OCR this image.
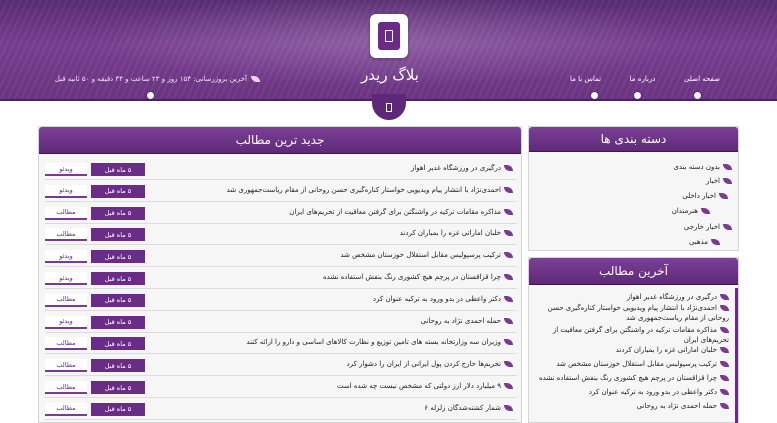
بلاگ ریدر
آخرین بروزرسانی: ۱۵۴ روز و ۲۳ ساعت و ۴۴ دقیقه و ۵۰ ثانیه قبل	صفحه اصلی
درباره ما
تماس با ما
جدید ترین مطالب
درگیری در ورزشگاه غدیر اهواز
۵ ماه قبل
ویدئو
احمدی‌نژاد با انتشار پیام ویدیویی خواستار کناره‌گیری حسن روحانی از مقام ریاست‌جمهوری شد
۵ ماه قبل
ویدئو
مذاکره مقامات ترکیه در واشنگتن برای گرفتن معافیت از تحریم‌های ایران
۵ ماه قبل
مطالب
خلبان اماراتی غزه را بمباران کردند
۵ ماه قبل
مطالب
ترکیب پرسپولیس مقابل استقلال خوزستان مشخص شد
۵ ماه قبل
ویدئو
چرا قزاقستان در پرچم هیچ کشوری رنگ بنفش استفاده نشده
۵ ماه قبل
ویدئو
دکتر واعظی در بدو ورود به ترکیه عنوان کرد
۵ ماه قبل
مطالب
حمله احمدی نژاد به روحانی
۵ ماه قبل
ویدئو
وزیران سه وزارتخانه بسته های تامین توزیع و نظارت کالاهای اساسی و دارو را ارائه کنند
۵ ماه قبل
مطالب
تحریم‌ها خارج کردن پول ایرانی از ایران را دشوار کرد
۵ ماه قبل
مطالب
۹ میلیارد دلار ارز دولتی که مشخص نیست چه شده است
۵ ماه قبل
مطالب
شمار کشته‌شدگان زلزله ۶
۵ ماه قبل
مطالب
دسته بندی ها
بدون دسته بندی
اخبار
اخبار داخلی
هنرمندان
اخبار خارجی
مذهبی
آخرین مطالب
درگیری در ورزشگاه غدیر اهواز
احمدی‌نژاد با انتشار پیام ویدیویی خواستار کناره‌گیری حسن روحانی از مقام ریاست‌جمهوری شد
مذاکره مقامات ترکیه در واشنگتن برای گرفتن معافیت از تحریم‌های ایران
خلبان اماراتی غزه را بمباران کردند
ترکیب پرسپولیس مقابل استقلال خوزستان مشخص شد
چرا قزاقستان در پرچم هیچ کشوری رنگ بنفش استفاده نشده
دکتر واعظی در بدو ورود به ترکیه عنوان کرد
حمله احمدی نژاد به روحانی
